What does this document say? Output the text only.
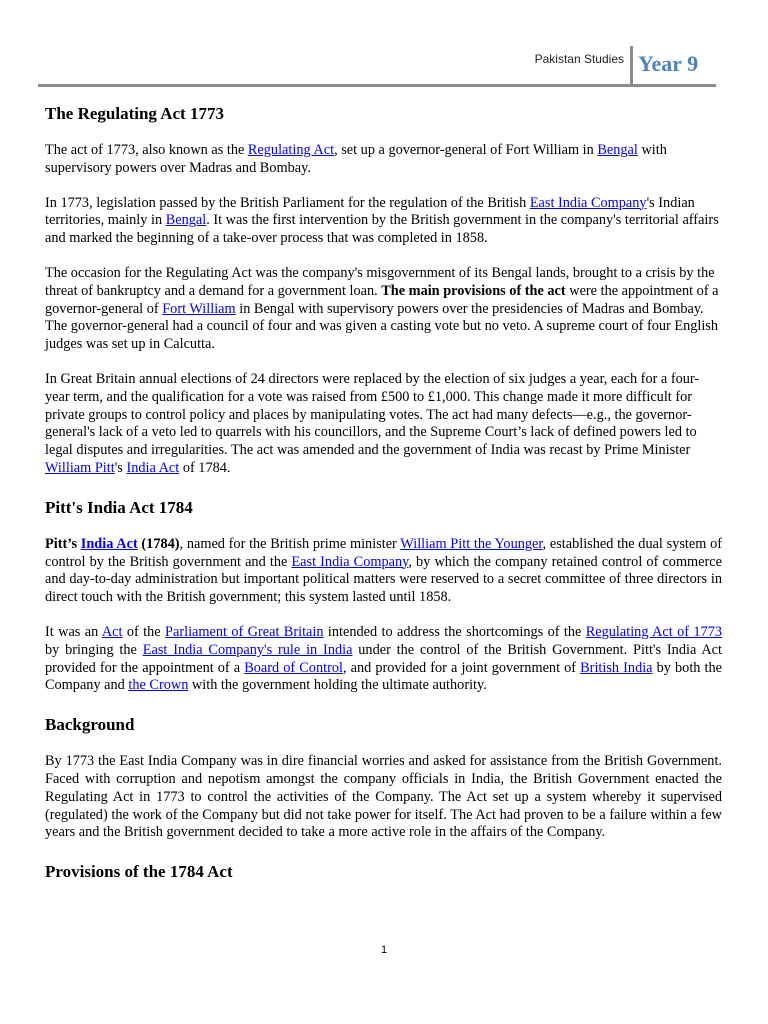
Pakistan Studies Year 9
The Regulating Act 1773

The act of 1773, also known as the Regulating Act, set up a governor-general of Fort William in Bengal with supervisory powers over Madras and Bombay.

In 1773, legislation passed by the British Parliament for the regulation of the British East India Company's Indian territories, mainly in Bengal. It was the first intervention by the British government in the company's territorial affairs and marked the beginning of a take-over process that was completed in 1858.

The occasion for the Regulating Act was the company's misgovernment of its Bengal lands, brought to a crisis by the threat of bankruptcy and a demand for a government loan. The main provisions of the act were the appointment of a governor-general of Fort William in Bengal with supervisory powers over the presidencies of Madras and Bombay. The governor-general had a council of four and was given a casting vote but no veto. A supreme court of four English judges was set up in Calcutta.

In Great Britain annual elections of 24 directors were replaced by the election of six judges a year, each for a four-year term, and the qualification for a vote was raised from £500 to £1,000. This change made it more difficult for private groups to control policy and places by manipulating votes. The act had many defects—e.g., the governor-general's lack of a veto led to quarrels with his councillors, and the Supreme Court’s lack of defined powers led to legal disputes and irregularities. The act was amended and the government of India was recast by Prime Minister William Pitt's India Act of 1784.

Pitt's India Act 1784

Pitt’s India Act (1784), named for the British prime minister William Pitt the Younger, established the dual system of control by the British government and the East India Company, by which the company retained control of commerce and day-to-day administration but important political matters were reserved to a secret committee of three directors in direct touch with the British government; this system lasted until 1858.

It was an Act of the Parliament of Great Britain intended to address the shortcomings of the Regulating Act of 1773 by bringing the East India Company's rule in India under the control of the British Government. Pitt's India Act provided for the appointment of a Board of Control, and provided for a joint government of British India by both the Company and the Crown with the government holding the ultimate authority.

Background

By 1773 the East India Company was in dire financial worries and asked for assistance from the British Government. Faced with corruption and nepotism amongst the company officials in India, the British Government enacted the Regulating Act in 1773 to control the activities of the Company. The Act set up a system whereby it supervised (regulated) the work of the Company but did not take power for itself. The Act had proven to be a failure within a few years and the British government decided to take a more active role in the affairs of the Company.

Provisions of the 1784 Act
1
